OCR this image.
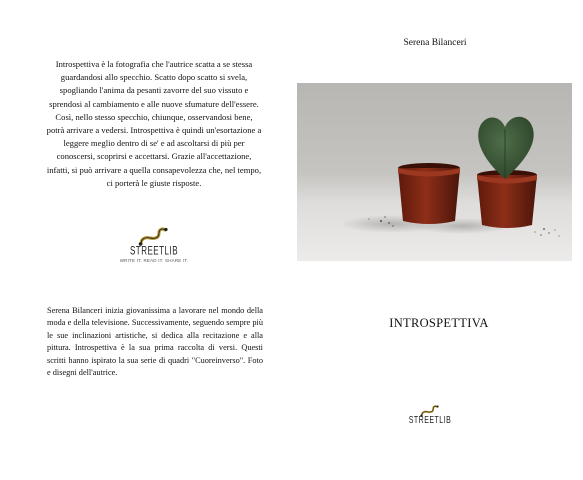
Introspettiva è la fotografia che l'autrice scatta a se stessa guardandosi allo specchio. Scatto dopo scatto si svela, spogliando l'anima da pesanti zavorre del suo vissuto e sprendosi al cambiamento e alle nuove sfumature dell'essere. Così, nello stesso specchio, chiunque, osservandosi bene, potrà arrivare a vedersi. Introspettiva è quindi un'esortazione a leggere meglio dentro di se' e ad ascoltarsi di più per conoscersi, scoprirsi e accettarsi. Grazie all'accettazione, infatti, si può arrivare a quella consapevolezza che, nel tempo, ci porterà le giuste risposte.

STREETLIB
WRITE IT. READ IT. SHARE IT.

Serena Bilanceri inizia giovanissima a lavorare nel mondo della moda e della televisione. Successivamente, seguendo sempre più le sue inclinazioni artistiche, si dedica alla recitazione e alla pittura. Introspettiva è la sua prima raccolta di versi. Questi scritti hanno ispirato la sua serie di quadri "Cuoreinverso". Foto e disegni dell'autrice.

Serena Bilanceri
INTROSPETTIVA
STREETLIB
